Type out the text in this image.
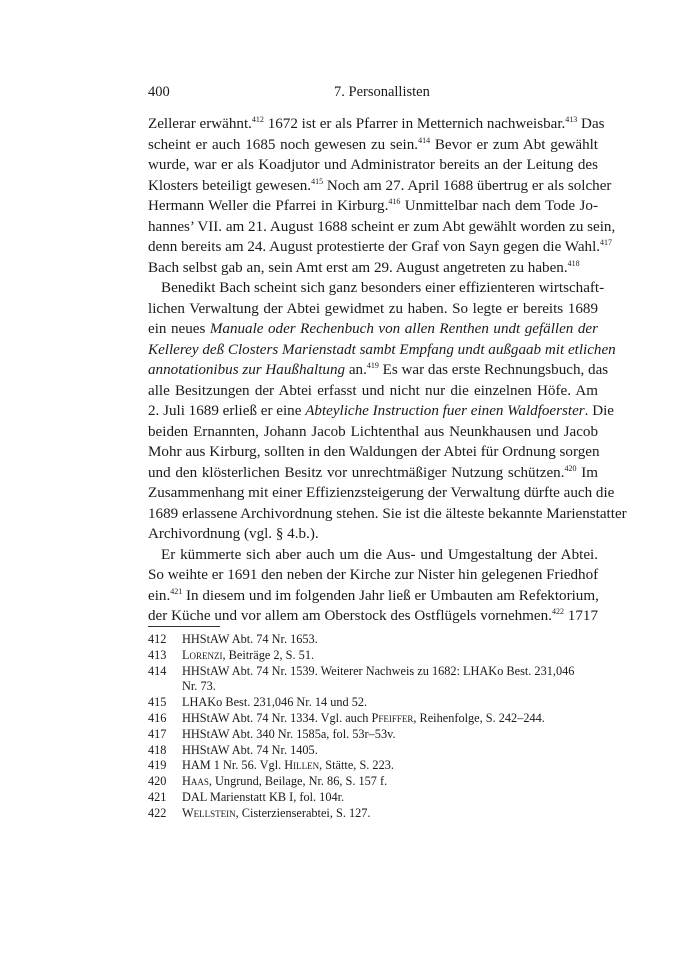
400	7. Personallisten

Zellerar erwähnt.$^{412}$ 1672 ist er als Pfarrer in Metternich nachweisbar.$^{413}$ Das
scheint er auch 1685 noch gewesen zu sein.$^{414}$ Bevor er zum Abt gewählt
wurde, war er als Koadjutor und Administrator bereits an der Leitung des
Klosters beteiligt gewesen.$^{415}$ Noch am 27. April 1688 übertrug er als solcher
Hermann Weller die Pfarrei in Kirburg.$^{416}$ Unmittelbar nach dem Tode Jo-
hannes’ VII. am 21. August 1688 scheint er zum Abt gewählt worden zu sein,
denn bereits am 24. August protestierte der Graf von Sayn gegen die Wahl.$^{417}$
Bach selbst gab an, sein Amt erst am 29. August angetreten zu haben.$^{418}$

Benedikt Bach scheint sich ganz besonders einer effizienteren wirtschaft-
lichen Verwaltung der Abtei gewidmet zu haben. So legte er bereits 1689
ein neues Manuale oder Rechenbuch von allen Renthen undt gefällen der
Kellerey deß Closters Marienstadt sambt Empfang undt außgaab mit etlichen
annotationibus zur Haußhaltung an.$^{419}$ Es war das erste Rechnungsbuch, das
alle Besitzungen der Abtei erfasst und nicht nur die einzelnen Höfe. Am
2. Juli 1689 erließ er eine Abteyliche Instruction fuer einen Waldfoerster. Die
beiden Ernannten, Johann Jacob Lichtenthal aus Neunkhausen und Jacob
Mohr aus Kirburg, sollten in den Waldungen der Abtei für Ordnung sorgen
und den klösterlichen Besitz vor unrechtmäßiger Nutzung schützen.$^{420}$ Im
Zusammenhang mit einer Effizienzsteigerung der Verwaltung dürfte auch die
1689 erlassene Archivordnung stehen. Sie ist die älteste bekannte Marienstatter
Archivordnung (vgl. § 4.b.).

Er kümmerte sich aber auch um die Aus- und Umgestaltung der Abtei.
So weihte er 1691 den neben der Kirche zur Nister hin gelegenen Friedhof
ein.$^{421}$ In diesem und im folgenden Jahr ließ er Umbauten am Refektorium,
der Küche und vor allem am Oberstock des Ostflügels vornehmen.$^{422}$ 1717

412 HHStAW Abt. 74 Nr. 1653.
413 Lorenzi, Beiträge 2, S. 51.
414 HHStAW Abt. 74 Nr. 1539. Weiterer Nachweis zu 1682: LHAKo Best. 231,046
Nr. 73.
415 LHAKo Best. 231,046 Nr. 14 und 52.
416 HHStAW Abt. 74 Nr. 1334. Vgl. auch Pfeiffer, Reihenfolge, S. 242–244.
417 HHStAW Abt. 340 Nr. 1585a, fol. 53r–53v.
418 HHStAW Abt. 74 Nr. 1405.
419 HAM 1 Nr. 56. Vgl. Hillen, Stätte, S. 223.
420 Haas, Ungrund, Beilage, Nr. 86, S. 157 f.
421 DAL Marienstatt KB I, fol. 104r.
422 Wellstein, Cisterzienserabtei, S. 127.
